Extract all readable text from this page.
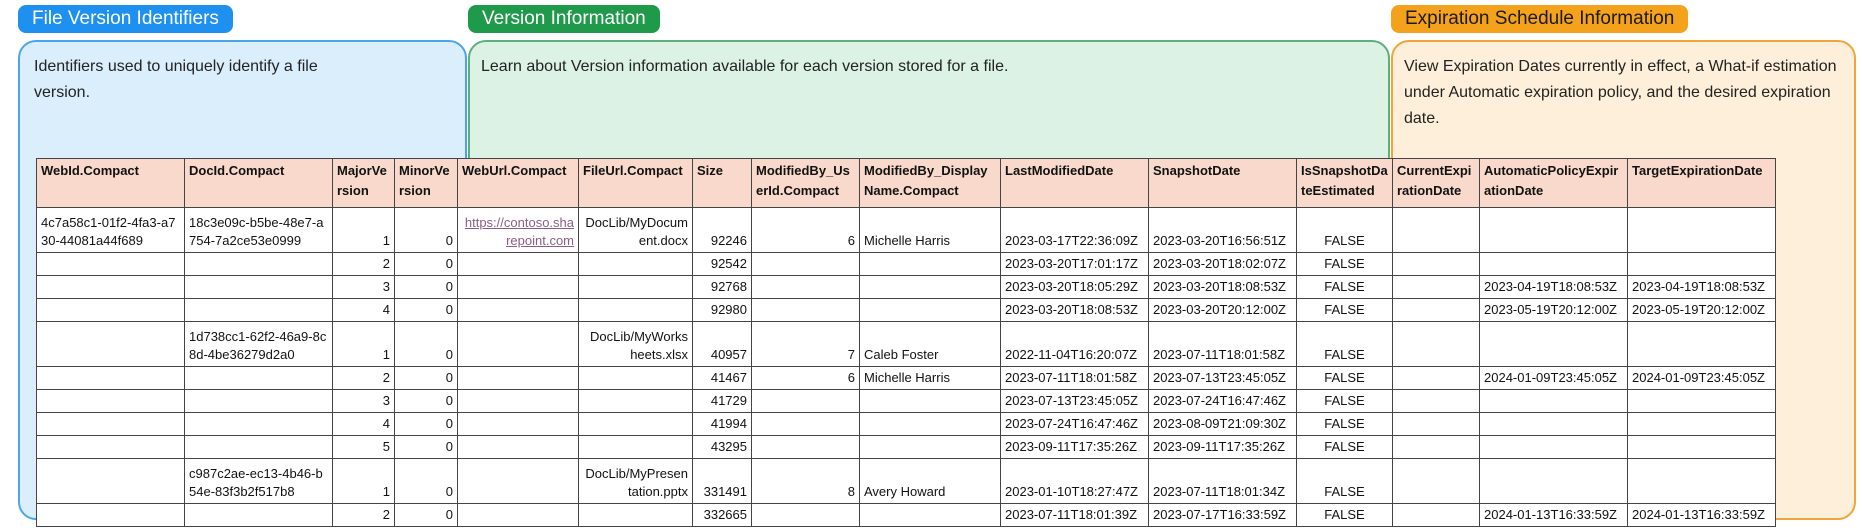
File Version Identifiers	Version Information	Expiration Schedule Information
Identifiers used to uniquely identify a file version.
Learn about Version information available for each version stored for a file.	View Expiration Dates currently in effect, a What-if estimation under Automatic expiration policy, and the desired expiration date.
WebId.Compact	DocId.Compact	MajorVersion	MinorVersion	WebUrl.Compact	FileUrl.Compact	Size	ModifiedBy_UserId.Compact	ModifiedBy_DisplayName.Compact	LastModifiedDate	SnapshotDate	IsSnapshotDateEstimated	CurrentExpirationDate	AutomaticPolicyExpirationDate	TargetExpirationDate
4c7a58c1-01f2-4fa3-a730-44081a44f689	18c3e09c-b5be-48e7-a754-7a2ce53e0999	1	0	https://contoso.sharepoint.com	DocLib/MyDocument.docx	92246	6	Michelle Harris	2023-03-17T22:36:09Z	2023-03-20T16:56:51Z	FALSE			
		2	0			92542			2023-03-20T17:01:17Z	2023-03-20T18:02:07Z	FALSE			
		3	0			92768			2023-03-20T18:05:29Z	2023-03-20T18:08:53Z	FALSE		2023-04-19T18:08:53Z	2023-04-19T18:08:53Z
		4	0			92980			2023-03-20T18:08:53Z	2023-03-20T20:12:00Z	FALSE		2023-05-19T20:12:00Z	2023-05-19T20:12:00Z
	1d738cc1-62f2-46a9-8c8d-4be36279d2a0	1	0		DocLib/MyWorksheets.xlsx	40957	7	Caleb Foster	2022-11-04T16:20:07Z	2023-07-11T18:01:58Z	FALSE			
		2	0			41467	6	Michelle Harris	2023-07-11T18:01:58Z	2023-07-13T23:45:05Z	FALSE		2024-01-09T23:45:05Z	2024-01-09T23:45:05Z
		3	0			41729			2023-07-13T23:45:05Z	2023-07-24T16:47:46Z	FALSE			
		4	0			41994			2023-07-24T16:47:46Z	2023-08-09T21:09:30Z	FALSE			
		5	0			43295			2023-09-11T17:35:26Z	2023-09-11T17:35:26Z	FALSE			
	c987c2ae-ec13-4b46-b54e-83f3b2f517b8	1	0		DocLib/MyPresentation.pptx	331491	8	Avery Howard	2023-01-10T18:27:47Z	2023-07-11T18:01:34Z	FALSE			
		2	0			332665			2023-07-11T18:01:39Z	2023-07-17T16:33:59Z	FALSE		2024-01-13T16:33:59Z	2024-01-13T16:33:59Z
